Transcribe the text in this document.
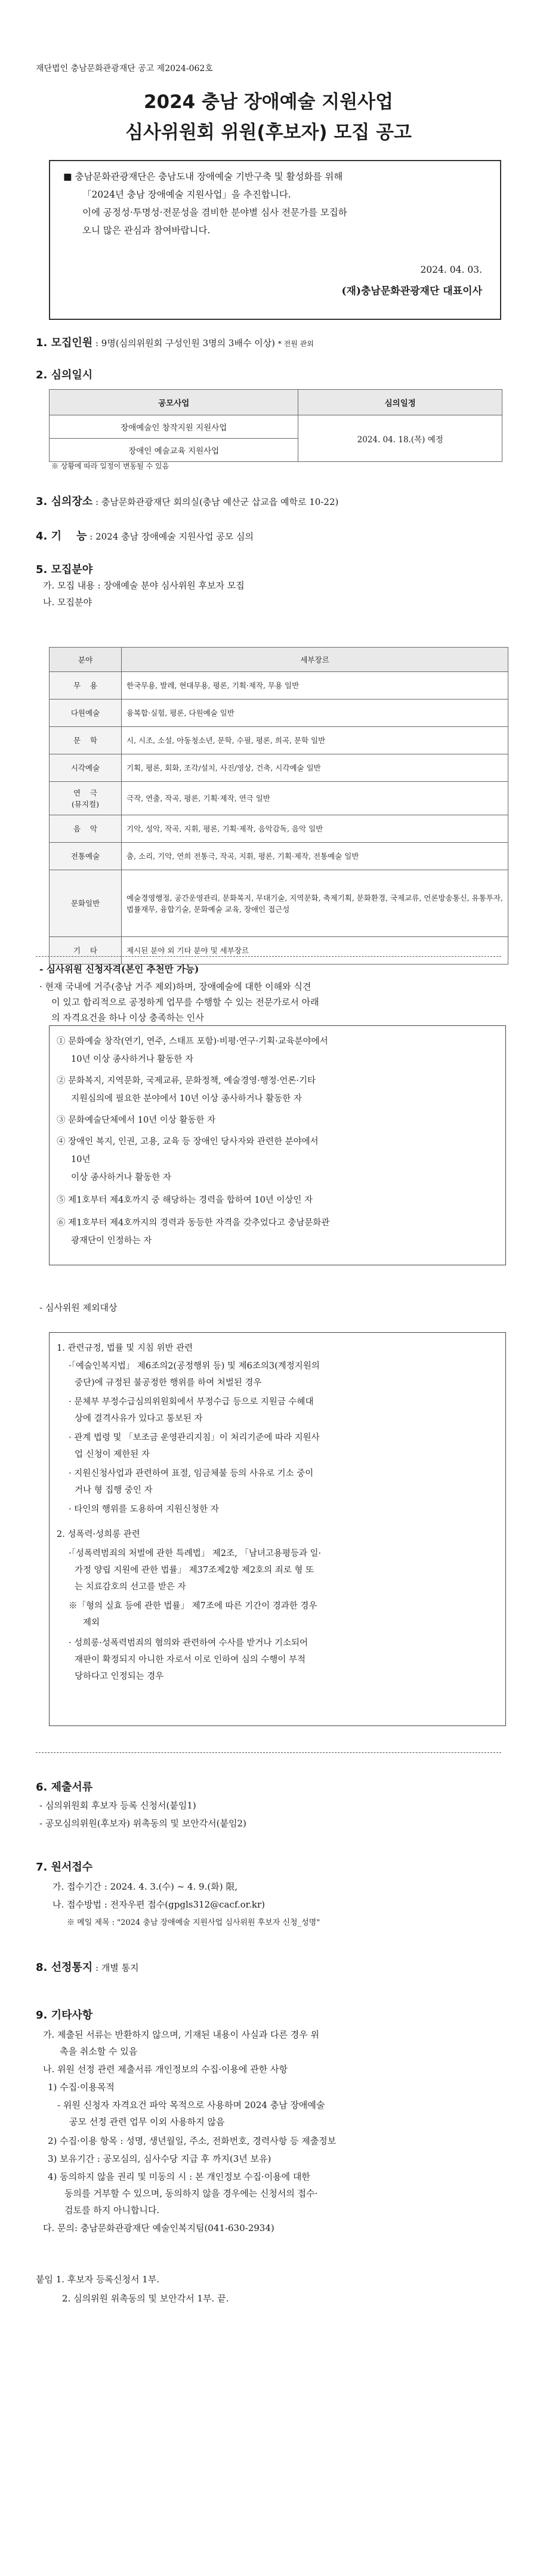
재단법인 충남문화관광재단 공고 제2024-062호
2024 충남 장애예술 지원사업
심사위원회 위원(후보자) 모집 공고

■ 충남문화관광재단은 충남도내 장애예술 기반구축 및 활성화를 위해

「2024년 충남 장애예술 지원사업」을 추진합니다.

이에 공정성·투명성·전문성을 겸비한 분야별 심사 전문가를 모집하

오니 많은 관심과 참여바랍니다.

2024. 04. 03.

(재)충남문화관광재단 대표이사

1. 모집인원 : 9명(심의위원회 구성인원 3명의 3배수 이상) * 전원 관외
2. 심의일시
공모사업	심의일정
장애예술인 창작지원 지원사업	2024. 04. 18.(목) 예정
장애인 예술교육 지원사업	
※ 상황에 따라 일정이 변동될 수 있음
3. 심의장소 : 충남문화관광재단 회의실(충남 예산군 삽교읍 예학로 10-22)
4. 기    능 : 2024 충남 장애예술 지원사업 공모 심의
5. 모집분야
가. 모집 내용 : 장애예술 분야 심사위원 후보자 모집
나. 모집분야
분야	세부장르
무    용	한국무용, 발레, 현대무용, 평론, 기획·제작, 무용 일반
다원예술	융복합·실험, 평론, 다원예술 일반
문    학	시, 시조, 소설, 아동청소년, 문학, 수필, 평론, 희곡, 문학 일반
시각예술	기획, 평론, 회화, 조각/설치, 사진/영상, 건축, 시각예술 일반
연    극
(뮤지컬)	극작, 연출, 작곡, 평론, 기획·제작, 연극 일반
음    악	기악, 성악, 작곡, 지휘, 평론, 기획·제작, 음악감독, 음악 일반
전통예술	춤, 소리, 기악, 연희 전통극, 작곡, 지휘, 평론, 기획·제작, 전통예술 일반
문화일반	예술경영행정, 공간운영관리, 문화복지, 무대기술, 지역문화, 축제기획, 문화환경, 국제교류, 언론방송통신, 유통투자, 법률재무, 융합기술, 문화예술 교육, 장애인 접근성
기    타	제시된 분야 외 기타 분야 및 세부장르
- 심사위원 신청자격(본인 추천만 가능)
· 현재 국내에 거주(충남 거주 제외)하며, 장애예술에 대한 이해와 식견
이 있고 합리적으로 공정하게 업무를 수행할 수 있는 전문가로서 아래
의 자격요건을 하나 이상 충족하는 인사
① 문화예술 창작(연기, 연주, 스태프 포함)·비평·연구·기획·교육분야에서
10년 이상 종사하거나 활동한 자
② 문화복지, 지역문화, 국제교류, 문화정책, 예술경영·행정·언론·기타
지원심의에 필요한 분야에서 10년 이상 종사하거나 활동한 자
③ 문화예술단체에서 10년 이상 활동한 자
④ 장애인 복지, 인권, 고용, 교육 등 장애인 당사자와 관련한 분야에서
10년
이상 종사하거나 활동한 자
⑤ 제1호부터 제4호까지 중 해당하는 경력을 합하여 10년 이상인 자
⑥ 제1호부터 제4호까지의 경력과 동등한 자격을 갖추었다고 충남문화관
광재단이 인정하는 자
- 심사위원 제외대상
1. 관련규정, 법률 및 지침 위반 관련
·「예술인복지법」 제6조의2(공정행위 등) 및 제6조의3(계정지원의
중단)에 규정된 불공정한 행위를 하여 처벌된 경우
· 문체부 부정수급심의위원회에서 부정수급 등으로 지원금 수혜대
상에 결격사유가 있다고 통보된 자
· 관계 법령 및 「보조금 운영관리지침」이 처리기준에 따라 지원사
업 신청이 제한된 자
· 지원신청사업과 관련하여 표절, 임금체불 등의 사유로 기소 중이
거나 형 집행 중인 자
· 타인의 행위를 도용하여 지원신청한 자
2. 성폭력·성희롱 관련
·「성폭력범죄의 처벌에 관한 특례법」 제2조, 「남녀고용평등과 일·
가정 양립 지원에 관한 법률」 제37조제2항 제2호의 죄로 형 또
는 치료감호의 선고를 받은 자
※「형의 실효 등에 관한 법률」 제7조에 따른 기간이 경과한 경우
제외
· 성희롱·성폭력범죄의 혐의와 관련하여 수사를 받거나 기소되어
재판이 확정되지 아니한 자로서 이로 인하여 심의 수행이 부적
당하다고 인정되는 경우
6. 제출서류
- 심의위원회 후보자 등록 신청서(붙임1)
- 공모심의위원(후보자) 위촉동의 및 보안각서(붙임2)
7. 원서접수
가. 접수기간 : 2024. 4. 3.(수) ~ 4. 9.(화) 限,
나. 접수방법 : 전자우편 접수(gpgls312@cacf.or.kr)
※ 메일 제목 : "2024 충남 장애예술 지원사업 심사위원 후보자 신청_성명"
8. 선정통지 : 개별 통지
9. 기타사항
가. 제출된 서류는 반환하지 않으며, 기재된 내용이 사실과 다른 경우 위
촉을 취소할 수 있음
나. 위원 선정 관련 제출서류 개인정보의 수집·이용에 관한 사항
1) 수집·이용목적
- 위원 신청자 자격요건 파악 목적으로 사용하며 2024 충남 장애예술
공모 선정 관련 업무 이외 사용하지 않음
2) 수집·이용 항목 : 성명, 생년월일, 주소, 전화번호, 경력사항 등 제출정보
3) 보유기간 : 공모심의, 심사수당 지급 후 까지(3년 보유)
4) 동의하지 않을 권리 및 미동의 시 : 본 개인정보 수집·이용에 대한
동의를 거부할 수 있으며, 동의하지 않을 경우에는 신청서의 접수·
검토를 하지 아니합니다.
다. 문의: 충남문화관광재단 예술인복지팀(041-630-2934)
붙임 1. 후보자 등록신청서 1부.
2. 심의위원 위촉동의 및 보안각서 1부. 끝.
